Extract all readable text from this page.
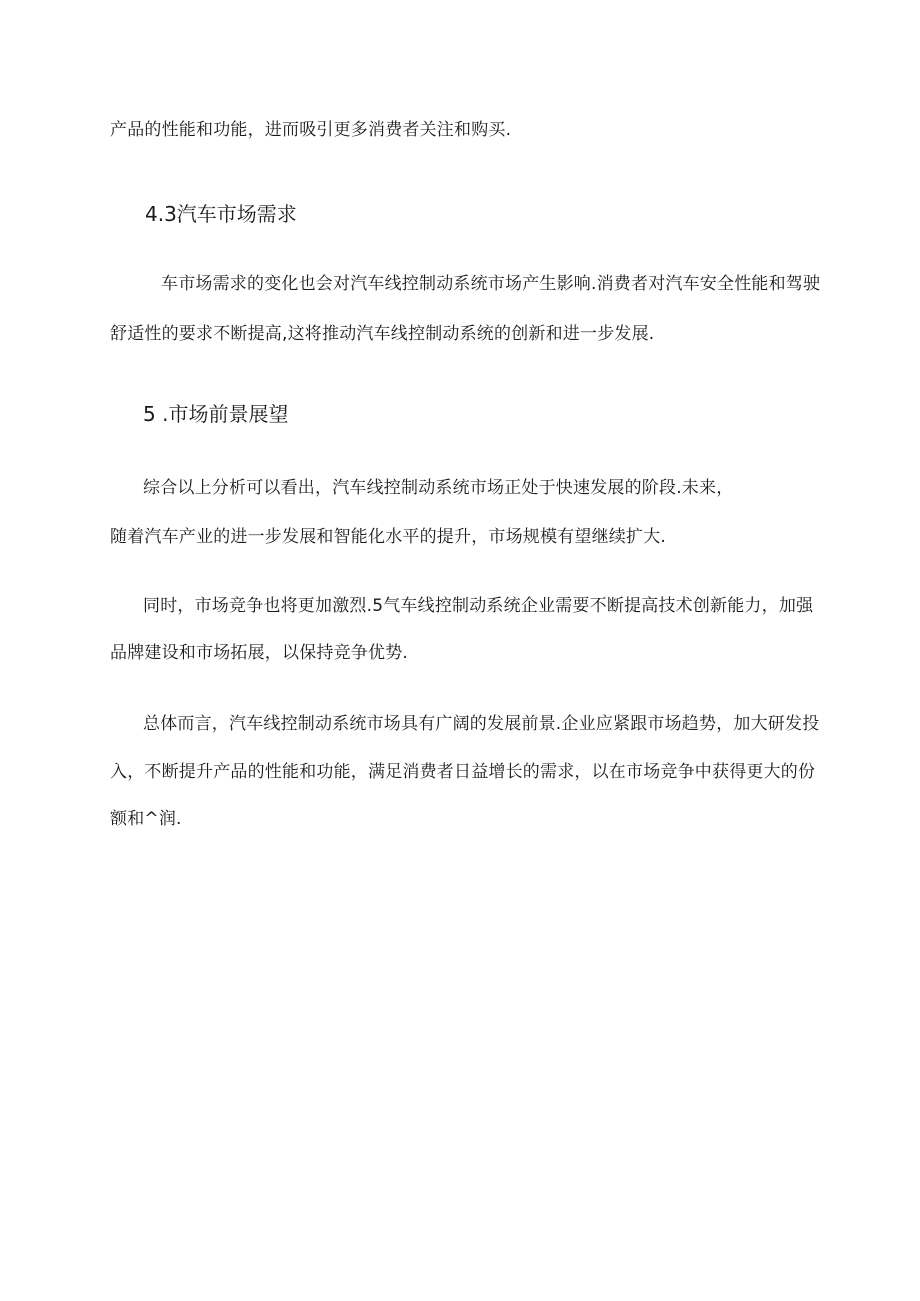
产品的性能和功能，进而吸引更多消费者关注和购买.
4.3汽车市场需求
车市场需求的变化也会对汽车线控制动系统市场产生影响.消费者对汽车安全性能和驾驶
舒适性的要求不断提高,这将推动汽车线控制动系统的创新和进一步发展.
5 .市场前景展望
综合以上分析可以看出，汽车线控制动系统市场正处于快速发展的阶段.未来，
随着汽车产业的进一步发展和智能化水平的提升，市场规模有望继续扩大.
同时，市场竞争也将更加激烈.5气车线控制动系统企业需要不断提高技术创新能力，加强
品牌建设和市场拓展，以保持竞争优势.
总体而言，汽车线控制动系统市场具有广阔的发展前景.企业应紧跟市场趋势，加大研发投
入，不断提升产品的性能和功能，满足消费者日益增长的需求，以在市场竞争中获得更大的份
额和^润.
